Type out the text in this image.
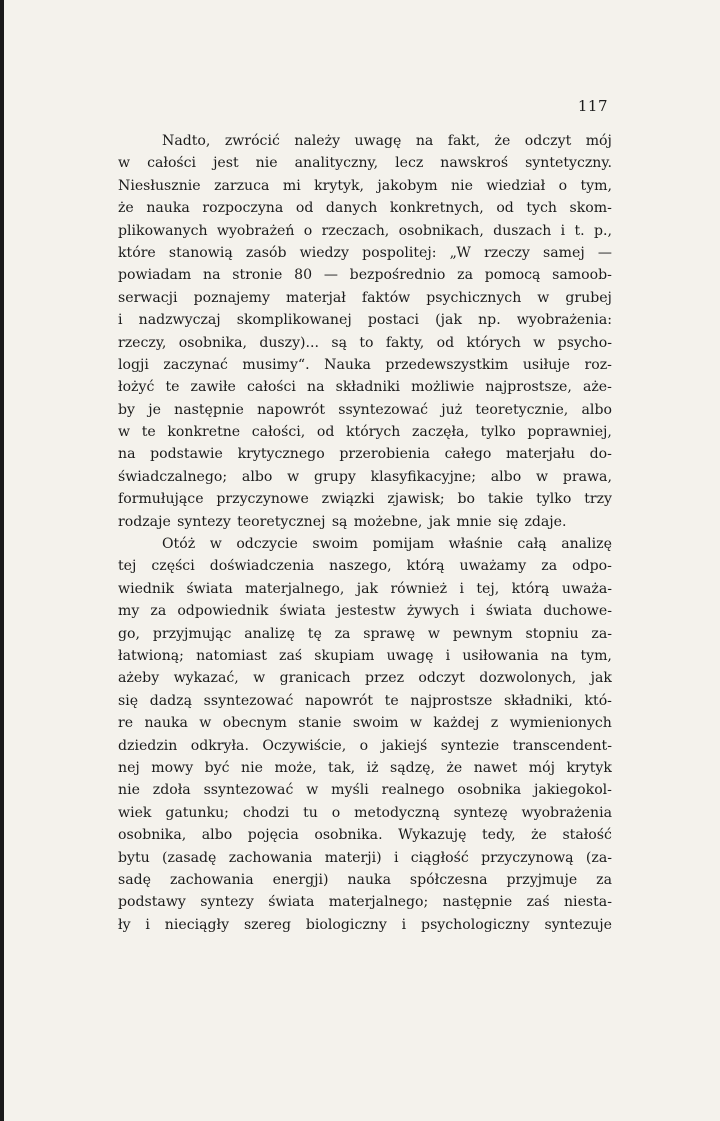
117
Nadto, zwrócić należy uwagę na fakt, że odczyt mój
w całości jest nie analityczny, lecz nawskroś syntetyczny.
Niesłusznie zarzuca mi krytyk, jakobym nie wiedział o tym,
że nauka rozpoczyna od danych konkretnych, od tych skom-
plikowanych wyobrażeń o rzeczach, osobnikach, duszach i t. p.,
które stanowią zasób wiedzy pospolitej: „W rzeczy samej —
powiadam na stronie 80 — bezpośrednio za pomocą samoob-
serwacji poznajemy materjał faktów psychicznych w grubej
i nadzwyczaj skomplikowanej postaci (jak np. wyobrażenia:
rzeczy, osobnika, duszy)... są to fakty, od których w psycho-
logji zaczynać musimy“. Nauka przedewszystkim usiłuje roz-
łożyć te zawiłe całości na składniki możliwie najprostsze, aże-
by je następnie napowrót ssyntezować już teoretycznie, albo
w te konkretne całości, od których zaczęła, tylko poprawniej,
na podstawie krytycznego przerobienia całego materjału do-
świadczalnego; albo w grupy klasyfikacyjne; albo w prawa,
formułujące przyczynowe związki zjawisk; bo takie tylko trzy
rodzaje syntezy teoretycznej są możebne, jak mnie się zdaje.
Otóż w odczycie swoim pomijam właśnie całą analizę
tej części doświadczenia naszego, którą uważamy za odpo-
wiednik świata materjalnego, jak również i tej, którą uważa-
my za odpowiednik świata jestestw żywych i świata duchowe-
go, przyjmując analizę tę za sprawę w pewnym stopniu za-
łatwioną; natomiast zaś skupiam uwagę i usiłowania na tym,
ażeby wykazać, w granicach przez odczyt dozwolonych, jak
się dadzą ssyntezować napowrót te najprostsze składniki, któ-
re nauka w obecnym stanie swoim w każdej z wymienionych
dziedzin odkryła. Oczywiście, o jakiejś syntezie transcendent-
nej mowy być nie może, tak, iż sądzę, że nawet mój krytyk
nie zdoła ssyntezować w myśli realnego osobnika jakiegokol-
wiek gatunku; chodzi tu o metodyczną syntezę wyobrażenia
osobnika, albo pojęcia osobnika. Wykazuję tedy, że stałość
bytu (zasadę zachowania materji) i ciągłość przyczynową (za-
sadę zachowania energji) nauka spółczesna przyjmuje za
podstawy syntezy świata materjalnego; następnie zaś niesta-
ły i nieciągły szereg biologiczny i psychologiczny syntezuje
